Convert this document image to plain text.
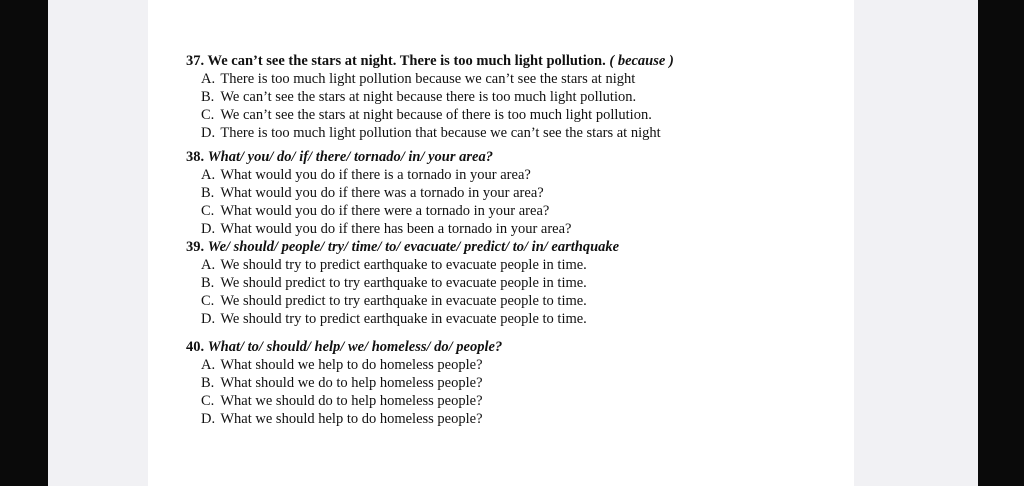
37. We can’t see the stars at night. There is too much light pollution. ( because )
A. There is too much light pollution because we can’t see the stars at night
B. We can’t see the stars at night because there is too much light pollution.
C. We can’t see the stars at night because of there is too much light pollution.
D. There is too much light pollution that because we can’t see the stars at night
38. What/ you/ do/ if/ there/ tornado/ in/ your area?
A. What would you do if there is a tornado in your area?
B. What would you do if there was a tornado in your area?
C. What would you do if there were a tornado in your area?
D. What would you do if there has been a tornado in your area?
39. We/ should/ people/ try/ time/ to/ evacuate/ predict/ to/ in/ earthquake
A. We should try to predict earthquake to evacuate people in time.
B. We should predict to try earthquake to evacuate people in time.
C. We should predict to try earthquake in evacuate people to time.
D. We should try to predict earthquake in evacuate people to time.
40. What/ to/ should/ help/ we/ homeless/ do/ people?
A. What should we help to do homeless people?
B. What should we do to help homeless people?
C. What we should do to help homeless people?
D. What we should help to do homeless people?
